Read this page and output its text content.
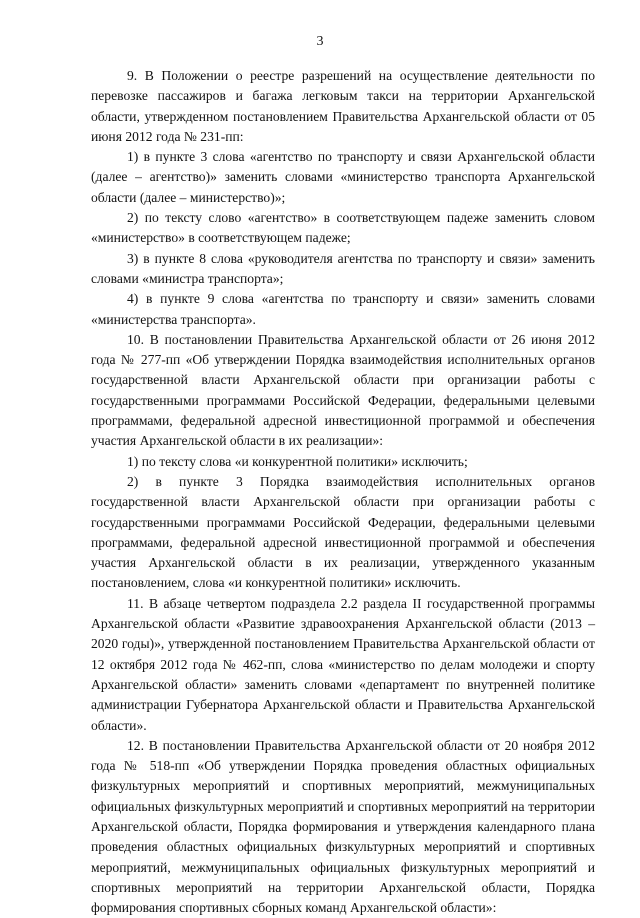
3

9. В Положении о реестре разрешений на осуществление деятельности по перевозке пассажиров и багажа легковым такси на территории Архангельской области, утвержденном постановлением Правительства Архангельской области от 05 июня 2012 года № 231-пп:

1) в пункте 3 слова «агентство по транспорту и связи Архангельской области (далее – агентство)» заменить словами «министерство транспорта Архангельской области (далее – министерство)»;

2) по тексту слово «агентство» в соответствующем падеже заменить словом «министерство» в соответствующем падеже;

3) в пункте 8 слова «руководителя агентства по транспорту и связи» заменить словами «министра транспорта»;

4) в пункте 9 слова «агентства по транспорту и связи» заменить словами «министерства транспорта».

10. В постановлении Правительства Архангельской области от 26 июня 2012 года № 277-пп «Об утверждении Порядка взаимодействия исполнительных органов государственной власти Архангельской области при организации работы с государственными программами Российской Федерации, федеральными целевыми программами, федеральной адресной инвестиционной программой и обеспечения участия Архангельской области в их реализации»:

1) по тексту слова «и конкурентной политики» исключить;

2) в пункте 3 Порядка взаимодействия исполнительных органов государственной власти Архангельской области при организации работы с государственными программами Российской Федерации, федеральными целевыми программами, федеральной адресной инвестиционной программой и обеспечения участия Архангельской области в их реализации, утвержденного указанным постановлением, слова «и конкурентной политики» исключить.

11. В абзаце четвертом подраздела 2.2 раздела II государственной программы Архангельской области «Развитие здравоохранения Архангельской области (2013 – 2020 годы)», утвержденной постановлением Правительства Архангельской области от 12 октября 2012 года № 462-пп, слова «министерство по делам молодежи и спорту Архангельской области» заменить словами «департамент по внутренней политике администрации Губернатора Архангельской области и Правительства Архангельской области».

12. В постановлении Правительства Архангельской области от 20 ноября 2012 года № 518-пп «Об утверждении Порядка проведения областных официальных физкультурных мероприятий и спортивных мероприятий, межмуниципальных официальных физкультурных мероприятий и спортивных мероприятий на территории Архангельской области, Порядка формирования и утверждения календарного плана проведения областных официальных физкультурных мероприятий и спортивных мероприятий, межмуниципальных официальных физкультурных мероприятий и спортивных мероприятий на территории Архангельской области, Порядка формирования спортивных сборных команд Архангельской области»:
